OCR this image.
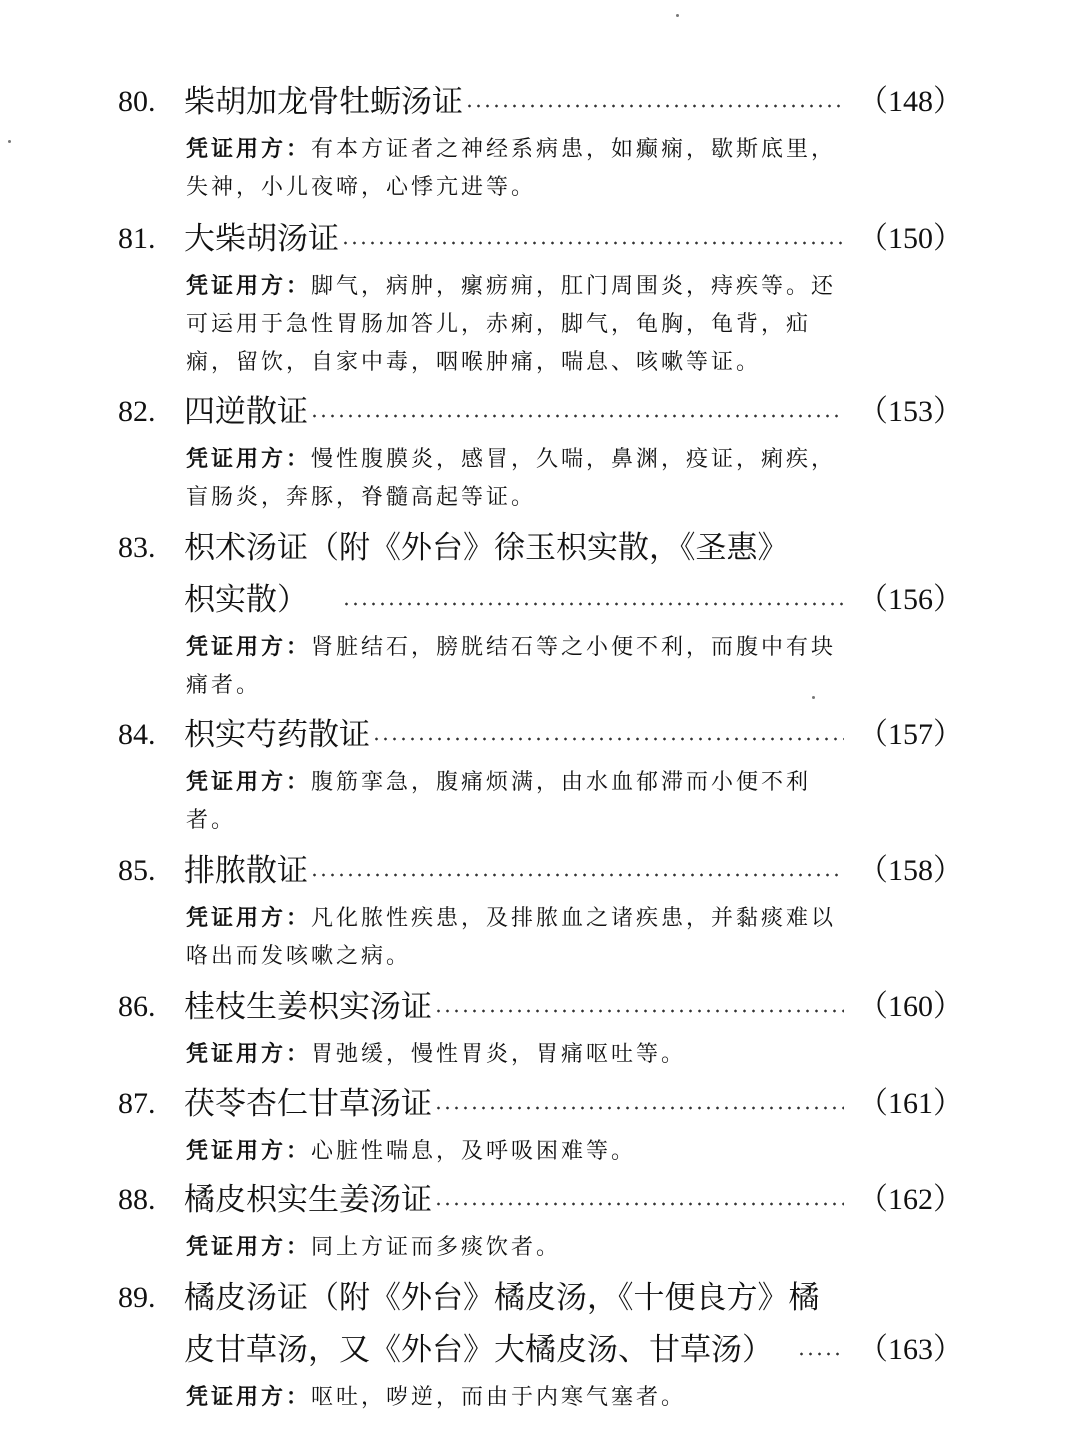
80. 柴胡加龙骨牡蛎汤证	（148）
凭证用方：有本方证者之神经系病患，如癫痫，歇斯底里，失神，小儿夜啼，心悸亢进等。
81. 大柴胡汤证	（150）
凭证用方：脚气，病肿，瘰疬痈，肛门周围炎，痔疾等。还可运用于急性胃肠加答儿，赤痢，脚气，龟胸，龟背，疝痫，留饮，自家中毒，咽喉肿痛，喘息、咳嗽等证。
82. 四逆散证	（153）
凭证用方：慢性腹膜炎，感冒，久喘，鼻渊，疫证，痢疾，盲肠炎，奔豚，脊髓高起等证。
83. 枳术汤证（附《外台》徐玉枳实散，《圣惠》
枳实散）	（156）
凭证用方：肾脏结石，膀胱结石等之小便不利，而腹中有块痛者。
84. 枳实芍药散证	（157）
凭证用方：腹筋挛急，腹痛烦满，由水血郁滞而小便不利者。
85. 排脓散证	（158）
凭证用方：凡化脓性疾患，及排脓血之诸疾患，并黏痰难以咯出而发咳嗽之病。
86. 桂枝生姜枳实汤证	（160）
凭证用方：胃弛缓，慢性胃炎，胃痛呕吐等。
87. 茯苓杏仁甘草汤证	（161）
凭证用方：心脏性喘息，及呼吸困难等。
88. 橘皮枳实生姜汤证	（162）
凭证用方：同上方证而多痰饮者。
89. 橘皮汤证（附《外台》橘皮汤，《十便良方》橘
皮甘草汤，又《外台》大橘皮汤、甘草汤）	（163）
凭证用方：呕吐，哕逆，而由于内寒气塞者。
